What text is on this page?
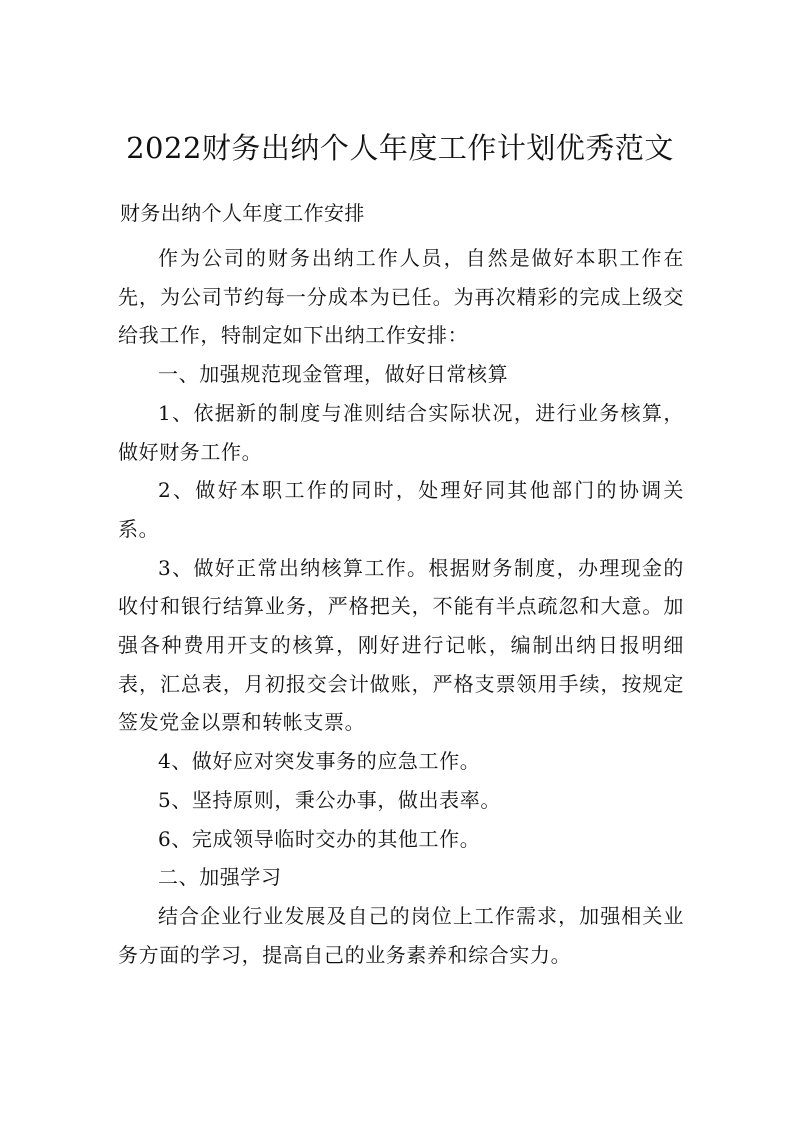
2022财务出纳个人年度工作计划优秀范文
财务出纳个人年度工作安排

作为公司的财务出纳工作人员，自然是做好本职工作在先，为公司节约每一分成本为已任。为再次精彩的完成上级交给我工作，特制定如下出纳工作安排：

一、加强规范现金管理，做好日常核算

1、依据新的制度与准则结合实际状况，进行业务核算，做好财务工作。

2、做好本职工作的同时，处理好同其他部门的协调关系。

3、做好正常出纳核算工作。根据财务制度，办理现金的收付和银行结算业务，严格把关，不能有半点疏忽和大意。加强各种费用开支的核算，刚好进行记帐，编制出纳日报明细表，汇总表，月初报交会计做账，严格支票领用手续，按规定签发党金以票和转帐支票。

4、做好应对突发事务的应急工作。

5、坚持原则，秉公办事，做出表率。

6、完成领导临时交办的其他工作。

二、加强学习

结合企业行业发展及自己的岗位上工作需求，加强相关业务方面的学习，提高自己的业务素养和综合实力。
